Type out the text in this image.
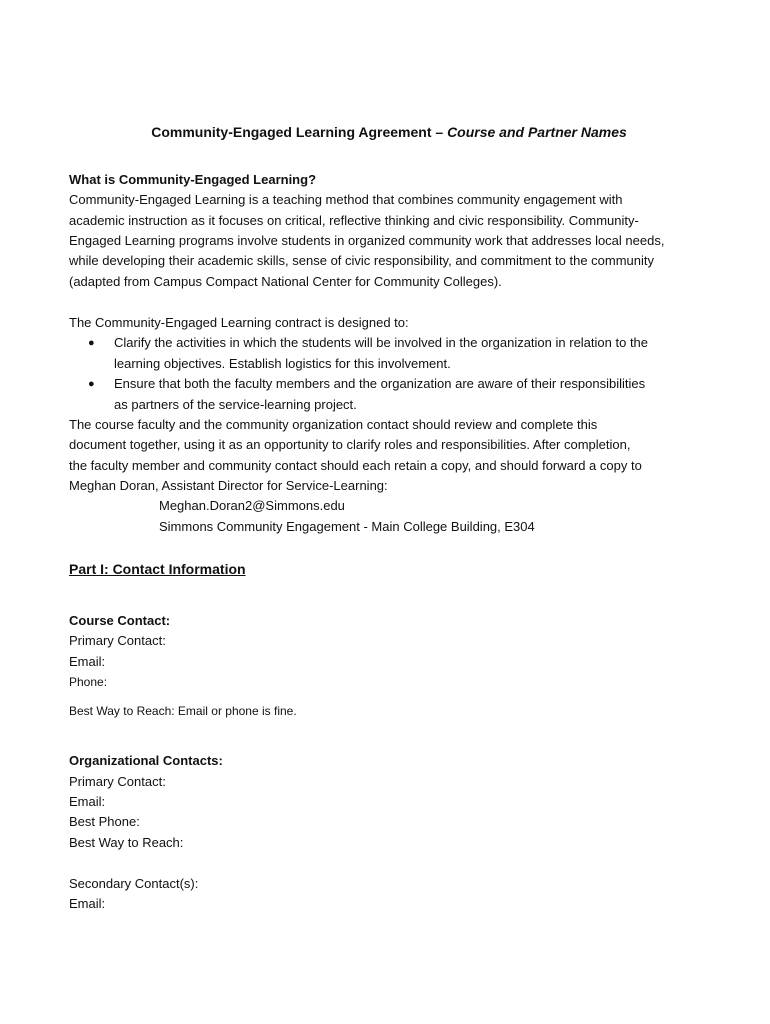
Community-Engaged Learning Agreement – Course and Partner Names
What is Community-Engaged Learning?
Community-Engaged Learning is a teaching method that combines community engagement with
academic instruction as it focuses on critical, reflective thinking and civic responsibility. Community-
Engaged Learning programs involve students in organized community work that addresses local needs,
while developing their academic skills, sense of civic responsibility, and commitment to the community
(adapted from Campus Compact National Center for Community Colleges).
The Community-Engaged Learning contract is designed to:
● Clarify the activities in which the students will be involved in the organization in relation to the
learning objectives. Establish logistics for this involvement.
● Ensure that both the faculty members and the organization are aware of their responsibilities
as partners of the service-learning project.
The course faculty and the community organization contact should review and complete this
document together, using it as an opportunity to clarify roles and responsibilities. After completion,
the faculty member and community contact should each retain a copy, and should forward a copy to
Meghan Doran, Assistant Director for Service-Learning:
Meghan.Doran2@Simmons.edu
Simmons Community Engagement - Main College Building, E304
Part I: Contact Information
Course Contact:
Primary Contact:
Email:
Phone:
Best Way to Reach: Email or phone is fine.
Organizational Contacts:
Primary Contact:
Email:
Best Phone:
Best Way to Reach:
Secondary Contact(s):
Email:
